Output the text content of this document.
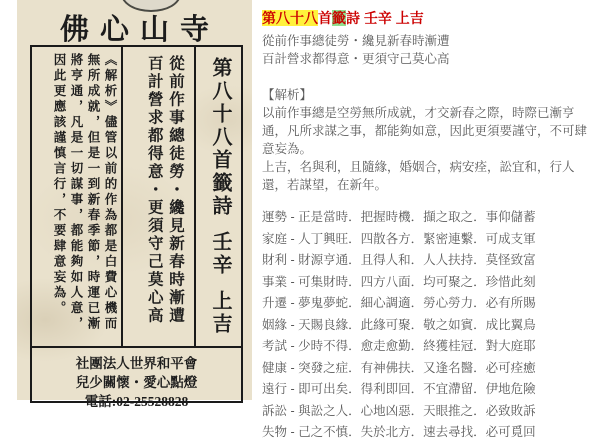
佛心山寺
第八十八首籤詩壬辛上吉
從前作事總徒勞・纔見新春時漸遭
百計營求都得意・更須守己莫心高
《解析》儘管以前的作為都是白費心機而無所成就，但是一到新春季節，時運已漸將亨通，凡是一切謀事，都能夠如人意，因此更應該謹慎言行，不要肆意妄為。
社團法人世界和平會
兒少關懷・愛心點燈
電話:02-25528828
第八十八首籤詩 壬辛 上吉
從前作事總徒勞・纔見新春時漸遭
百計營求都得意・更須守己莫心高
【解析】
以前作事總是空勞無所成就，才交新春之際，時際已漸亨通，凡所求謀之事，都能夠如意，因此更須要謹守，不可肆意妄為。
上吉，名與利，且隨緣，婚姻合，病安痊，訟宜和，行人還，若謀望，在新年。
運勢 - 正是當時．把握時機．擷之取之．事仰儲蓄
家庭 - 人丁興旺．四散各方．緊密連繫．可成支軍
財利 - 財源亨通．且得人和．人人扶持．莫怪致富
事業 - 可集財時．四方八面．均可聚之．珍惜此刻
升遷 - 夢鬼夢蛇．細心調適．勞心勞力．必有所賜
姻緣 - 天賜良緣．此緣可聚．敬之如賓．成比翼鳥
考試 - 少時不得．愈走愈勤．終獲桂冠．對大庭耶
健康 - 突發之症．有神佛扶．又逢名醫．必可痊癒
遠行 - 即可出矣．得利即回．不宜滯留．伊地危險
訴訟 - 與訟之人．心地凶惡．天眼推之．必致敗訴
失物 - 己之不慎．失於北方．速去尋找．必可覓回
